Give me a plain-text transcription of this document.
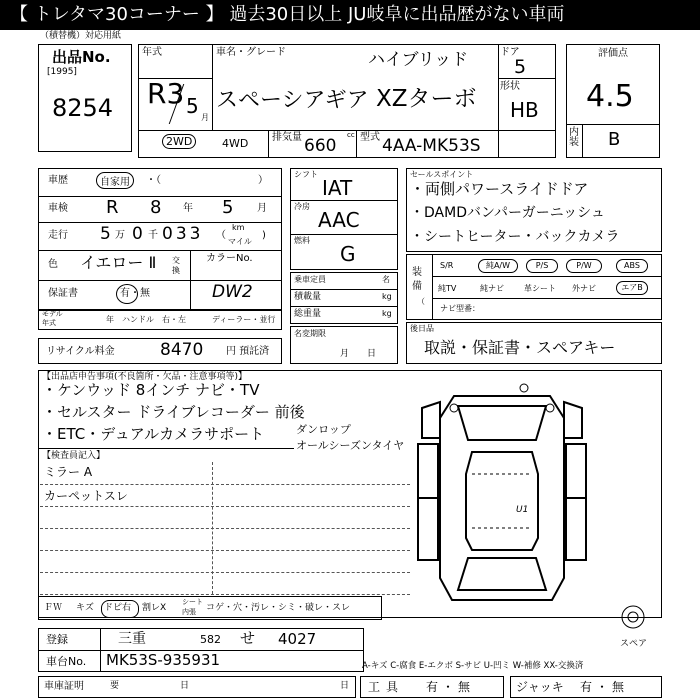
【 トレタマ30コーナー 】 過去30日以上 JU岐阜に出品歴がない車両
（積替機）対応用紙
出品No.
[1995]
8254
年式
R3 5 月
車名・グレード	ハイブリッド
スペーシアギア XZターボ
ドア
5
形状
HB
2WD	4WD 排気量 660
cc 型式 4AA-MK53S
評価点
4.5
内装 B
車歴	自家用	・（	）
車検 R 8 年 5 月
走行 5 万 0 千 033 （
km
マイル
)
色 イエロー Ⅱ 交換
カラーNo.
DW2
保証書	有・無
モデル
年式	年 ハンドル　右・左	ディーラー・並行
リサイクル料金	8470 円 預託済
シフト
IAT
冷房
AAC
燃料
G
乗車定員	名
積載量	kg
総重量	kg
名変期限
月　　日
セールスポイント
・両側パワースライドドア
・DAMDバンパーガーニッシュ
・シートヒーター・バックカメラ
装備
（
S/R	純A/W	P/S	P/W	ABS
純TV	純ナビ	革シート 外ナビ	エアB
ナビ型番：
後日品
取説・保証書・スペアキー
【出品店申告事項(不良箇所・欠品・注意事項等)】
・ケンウッド 8インチ ナビ・TV
・セルスター ドライブレコーダー 前後
・ETC・デュアルカメラサポート	ダンロップ
オールシーズンタイヤ
【検査員記入】
ミラー A
カーペットスレ
U1
スペア
ＦＷ キズ ドピ右 割レX
シート
内張 コゲ・穴・汚レ・シミ・破レ・スレ
登録	三重	582 せ 4027
車台No. MK53S-935931	A-キズ C-腐食 E-エクボ S-サビ U-凹ミ W-補修 XX-交換済
車庫証明	要	日	日 工具 有・無	ジャッキ 有・無
